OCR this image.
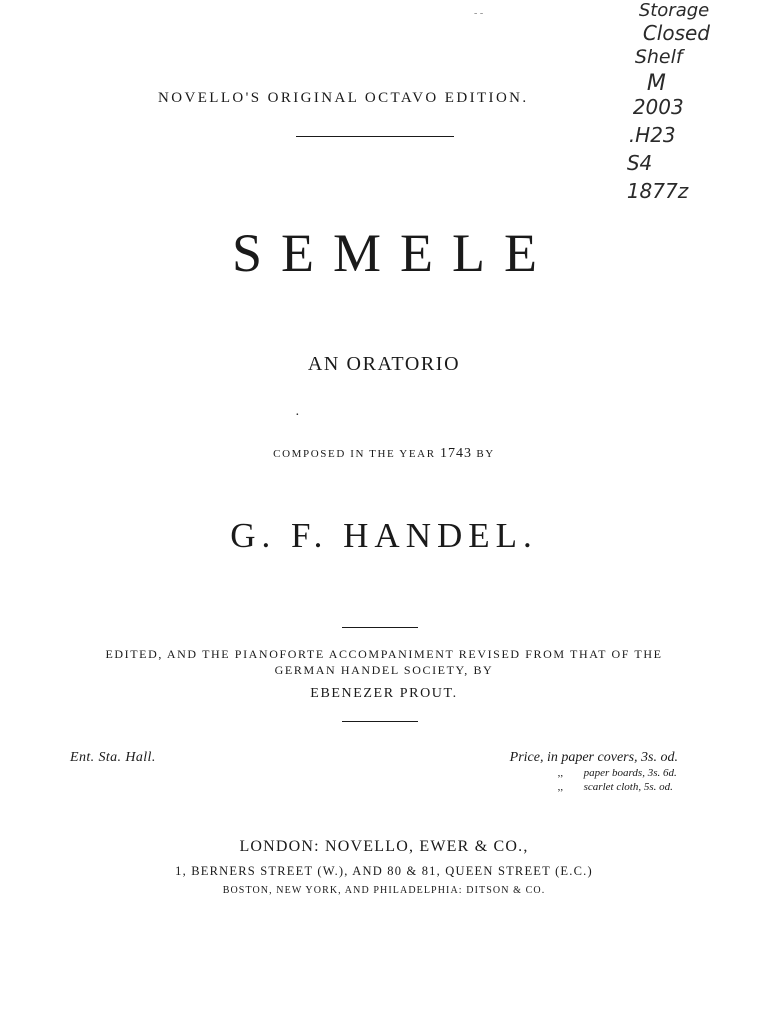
- -
NOVELLO'S ORIGINAL OCTAVO EDITION.
SEMELE
AN ORATORIO
·
COMPOSED IN THE YEAR 1743 BY
G. F. HANDEL.
EDITED, AND THE PIANOFORTE ACCOMPANIMENT REVISED FROM THAT OF THE
GERMAN HANDEL SOCIETY, BY
EBENEZER PROUT.
Ent. Sta. Hall.	Price, in paper covers, 3s. od.
,, paper boards, 3s. 6d.
,, scarlet cloth, 5s. od.
LONDON: NOVELLO, EWER & CO.,
1, BERNERS STREET (W.), AND 80 & 81, QUEEN STREET (E.C.)
BOSTON, NEW YORK, AND PHILADELPHIA: DITSON & CO.
Storage
Closed
Shelf
M
2003
.H23
S4
1877z
